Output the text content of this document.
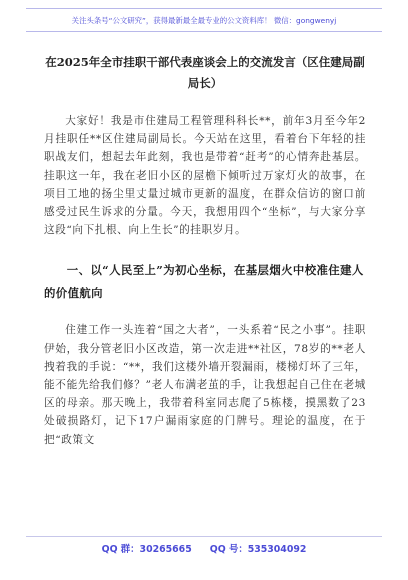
关注头条号“公文研究”，获得最新最全最专业的公文资料库！ 微信：gongwenyj
在2025年全市挂职干部代表座谈会上的交流发言（区住建局副局长）

大家好！我是市住建局工程管理科科长**，前年3月至今年2月挂职任**区住建局副局长。今天站在这里，看着台下年轻的挂职战友们，想起去年此刻，我也是带着“赶考”的心情奔赴基层。挂职这一年，我在老旧小区的屋檐下倾听过万家灯火的故事，在项目工地的扬尘里丈量过城市更新的温度，在群众信访的窗口前感受过民生诉求的分量。今天，我想用四个“坐标”，与大家分享这段“向下扎根、向上生长”的挂职岁月。

一、以“人民至上”为初心坐标，在基层烟火中校准住建人的价值航向

住建工作一头连着“国之大者”，一头系着“民之小事”。挂职伊始，我分管老旧小区改造，第一次走进**社区，78岁的**老人拽着我的手说：“**，我们这楼外墙开裂漏雨，楼梯灯坏了三年，能不能先给我们修？”老人布满老茧的手，让我想起自己住在老城区的母亲。那天晚上，我带着科室同志爬了5栋楼，摸黑数了23处破损路灯，记下17户漏雨家庭的门牌号。理论的温度，在于把“政策文

QQ 群：30265665 QQ 号：535304092
